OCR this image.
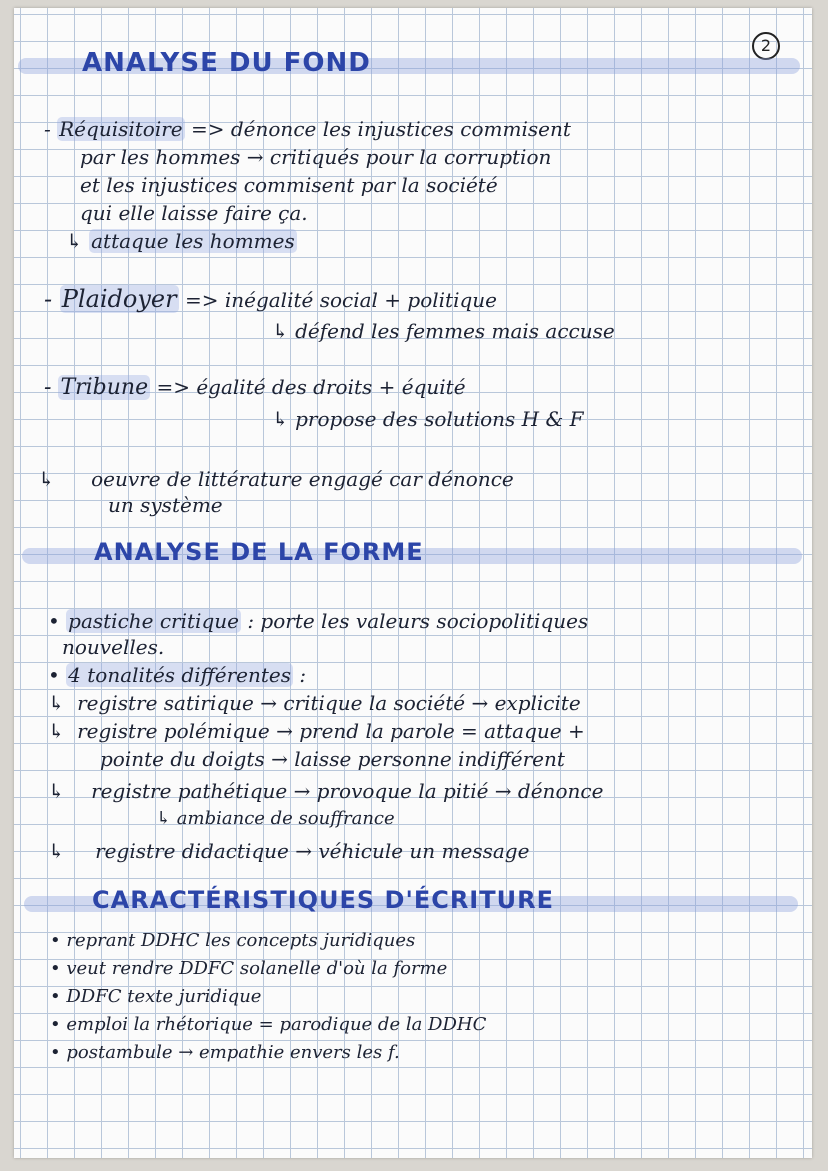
2
ANALYSE DU FOND
- Réquisitoire => dénonce les injustices commisent
par les hommes → critiqués pour la corruption
et les injustices commisent par la société
qui elle laisse faire ça.
↳ attaque les hommes
- Plaidoyer => inégalité social + politique
↳ défend les femmes mais accuse
- Tribune => égalité des droits + équité
↳ propose des solutions H & F
↳ oeuvre de littérature engagé car dénonce
un système
ANALYSE DE LA FORME
• pastiche critique : porte les valeurs sociopolitiques
nouvelles.
• 4 tonalités différentes :
↳ registre satirique → critique la société → explicite
↳ registre polémique → prend la parole = attaque +
pointe du doigts → laisse personne indifférent
↳ registre pathétique → provoque la pitié → dénonce
↳ ambiance de souffrance
↳ registre didactique → véhicule un message
CARACTÉRISTIQUES D'ÉCRITURE
• reprant DDHC les concepts juridiques
• veut rendre DDFC solanelle d'où la forme
• DDFC texte juridique
• emploi la rhétorique = parodique de la DDHC
• postambule → empathie envers les f.
